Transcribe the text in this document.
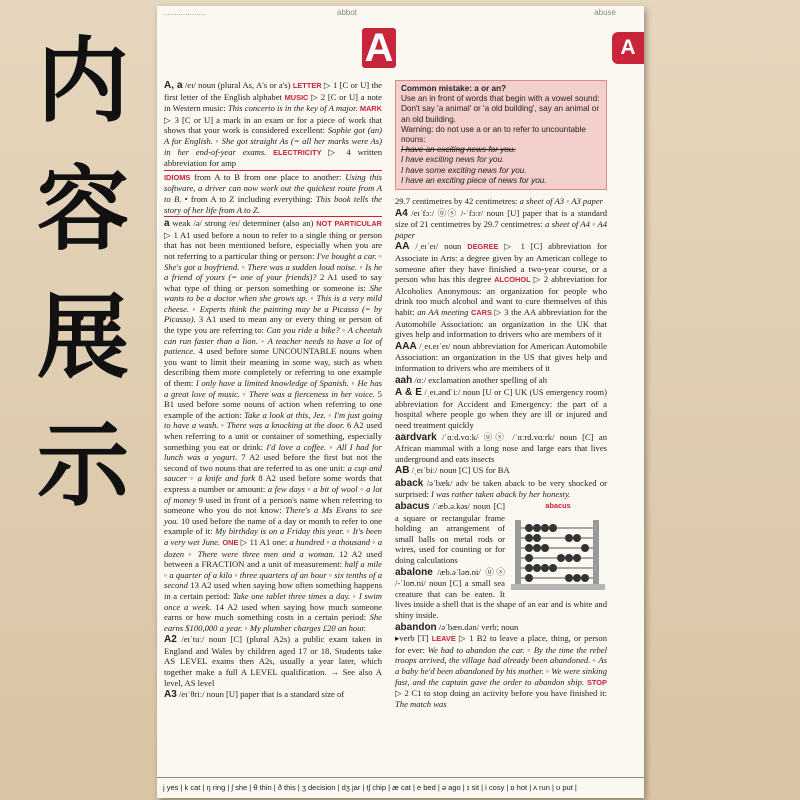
内
容
展
示
...................	abbot	abuse
A	A

A, a /eɪ/ noun (plural As, A's or a's) LETTER ▷ 1 [C or U] the first letter of the English alphabet MUSIC ▷ 2 [C or U] a note in Western music: This concerto is in the key of A major. MARK ▷ 3 [C or U] a mark in an exam or for a piece of work that shows that your work is considered excellent: Sophie got (an) A for English. ◦ She got straight As (= all her marks were As) in her end-of-year exams. ELECTRICITY ▷ 4 written abbreviation for amp

IDIOMS from A to B from one place to another: Using this software, a driver can now work out the quickest route from A to B. • from A to Z including everything: This book tells the story of her life from A to Z.

a weak /ə/ strong /eɪ/ determiner (also an) NOT PARTICULAR ▷ 1 A1 used before a noun to refer to a single thing or person that has not been mentioned before, especially when you are not referring to a particular thing or person: I've bought a car. ◦ She's got a boyfriend. ◦ There was a sudden loud noise. ◦ Is he a friend of yours (= one of your friends)? 2 A1 used to say what type of thing or person something or someone is: She wants to be a doctor when she grows up. ◦ This is a very mild cheese. ◦ Experts think the painting may be a Picasso (= by Picasso). 3 A1 used to mean any or every thing or person of the type you are referring to: Can you ride a bike? ◦ A cheetah can run faster than a lion. ◦ A teacher needs to have a lot of patience. 4 used before some UNCOUNTABLE nouns when you want to limit their meaning in some way, such as when describing them more completely or referring to one example of them: I only have a limited knowledge of Spanish. ◦ He has a great love of music. ◦ There was a fierceness in her voice. 5 B1 used before some nouns of action when referring to one example of the action: Take a look at this, Jez. ◦ I'm just going to have a wash. ◦ There was a knocking at the door. 6 A2 used when referring to a unit or container of something, especially something you eat or drink: I'd love a coffee. ◦ All I had for lunch was a yogurt. 7 A2 used before the first but not the second of two nouns that are referred to as one unit: a cup and saucer ◦ a knife and fork 8 A2 used before some words that express a number or amount: a few days ◦ a bit of wool ◦ a lot of money 9 used in front of a person's name when referring to someone who you do not know: There's a Ms Evans to see you. 10 used before the name of a day or month to refer to one example of it: My birthday is on a Friday this year. ◦ It's been a very wet June. ONE ▷ 11 A1 one: a hundred ◦ a thousand ◦ a dozen ◦ There were three men and a woman. 12 A2 used between a FRACTION and a unit of measurement: half a mile ◦ a quarter of a kilo ◦ three quarters of an hour ◦ six tenths of a second 13 A2 used when saying how often something happens in a certain period: Take one tablet three times a day. ◦ I swim once a week. 14 A2 used when saying how much someone earns or how much something costs in a certain period: She earns $100,000 a year. ◦ My plumber charges £20 an hour.

A2 /eɪˈtuː/ noun [C] (plural A2s) a public exam taken in England and Wales by children aged 17 or 18. Students take AS LEVEL exams then A2s, usually a year later, which together make a full A LEVEL qualification. → See also A level, AS level

A3 /eɪˈθriː/ noun [U] paper that is a standard size of

Common mistake: a or an?
Use an in front of words that begin with a vowel sound: Don't say 'a animal' or 'a old building', say an animal or an old building.
Warning: do not use a or an to refer to uncountable nouns:
I have an exciting news for you.
I have exciting news for you.
I have some exciting news for you.
I have an exciting piece of news for you.

29.7 centimetres by 42 centimetres: a sheet of A3 ◦ A3 paper

A4 /eɪˈfɔː/ ⓤⓢ /-ˈfɔːr/ noun [U] paper that is a standard size of 21 centimetres by 29.7 centimetres: a sheet of A4 ◦ A4 paper

AA /ˌeɪˈeɪ/ noun DEGREE ▷ 1 [C] abbreviation for Associate in Arts: a degree given by an American college to someone after they have finished a two-year course, or a person who has this degree ALCOHOL ▷ 2 abbreviation for Alcoholics Anonymous: an organization for people who drink too much alcohol and want to cure themselves of this habit: an AA meeting CARS ▷ 3 the AA abbreviation for the Automobile Association: an organization in the UK that gives help and information to drivers who are members of it

AAA /ˌeɪ.eɪˈeɪ/ noun abbreviation for American Automobile Association: an organization in the US that gives help and information to drivers who are members of it

aah /ɑː/ exclamation another spelling of ah

A & E /ˌeɪ.əndˈiː/ noun [U or C] UK (US emergency room) abbreviation for Accident and Emergency: the part of a hospital where people go when they are ill or injured and need treatment quickly

aardvark /ˈɑːd.vɑːk/ ⓤⓢ /ˈɑːrd.vɑːrk/ noun [C] an African mammal with a long nose and large ears that lives underground and eats insects

AB /ˌeɪˈbiː/ noun [C] US for BA

aback /əˈbæk/ adv be taken aback to be very shocked or surprised: I was rather taken aback by her honesty.

abacus

abacus /ˈæb.ə.kəs/ noun [C] a square or rectangular frame holding an arrangement of small balls on metal rods or wires, used for counting or for doing calculations

abalone /æb.əˈləʊ.ni/ ⓤⓢ /-ˈloʊ.ni/ noun [C] a small sea creature that can be eaten. It lives inside a shell that is the shape of an ear and is white and shiny inside.

abandon /əˈbæn.dən/ verb; noun
▸verb [T] LEAVE ▷ 1 B2 to leave a place, thing, or person for ever: We had to abandon the car. ◦ By the time the rebel troops arrived, the village had already been abandoned. ◦ As a baby he'd been abandoned by his mother. ◦ We were sinking fast, and the captain gave the order to abandon ship. STOP ▷ 2 C1 to stop doing an activity before you have finished it: The match was

j yes | k cat | ŋ ring | ʃ she | θ thin | ð this | ʒ decision | dʒ jar | tʃ chip | æ cat | e bed | ə ago | ɪ sit | i cosy | ɒ hot | ʌ run | ʊ put |
